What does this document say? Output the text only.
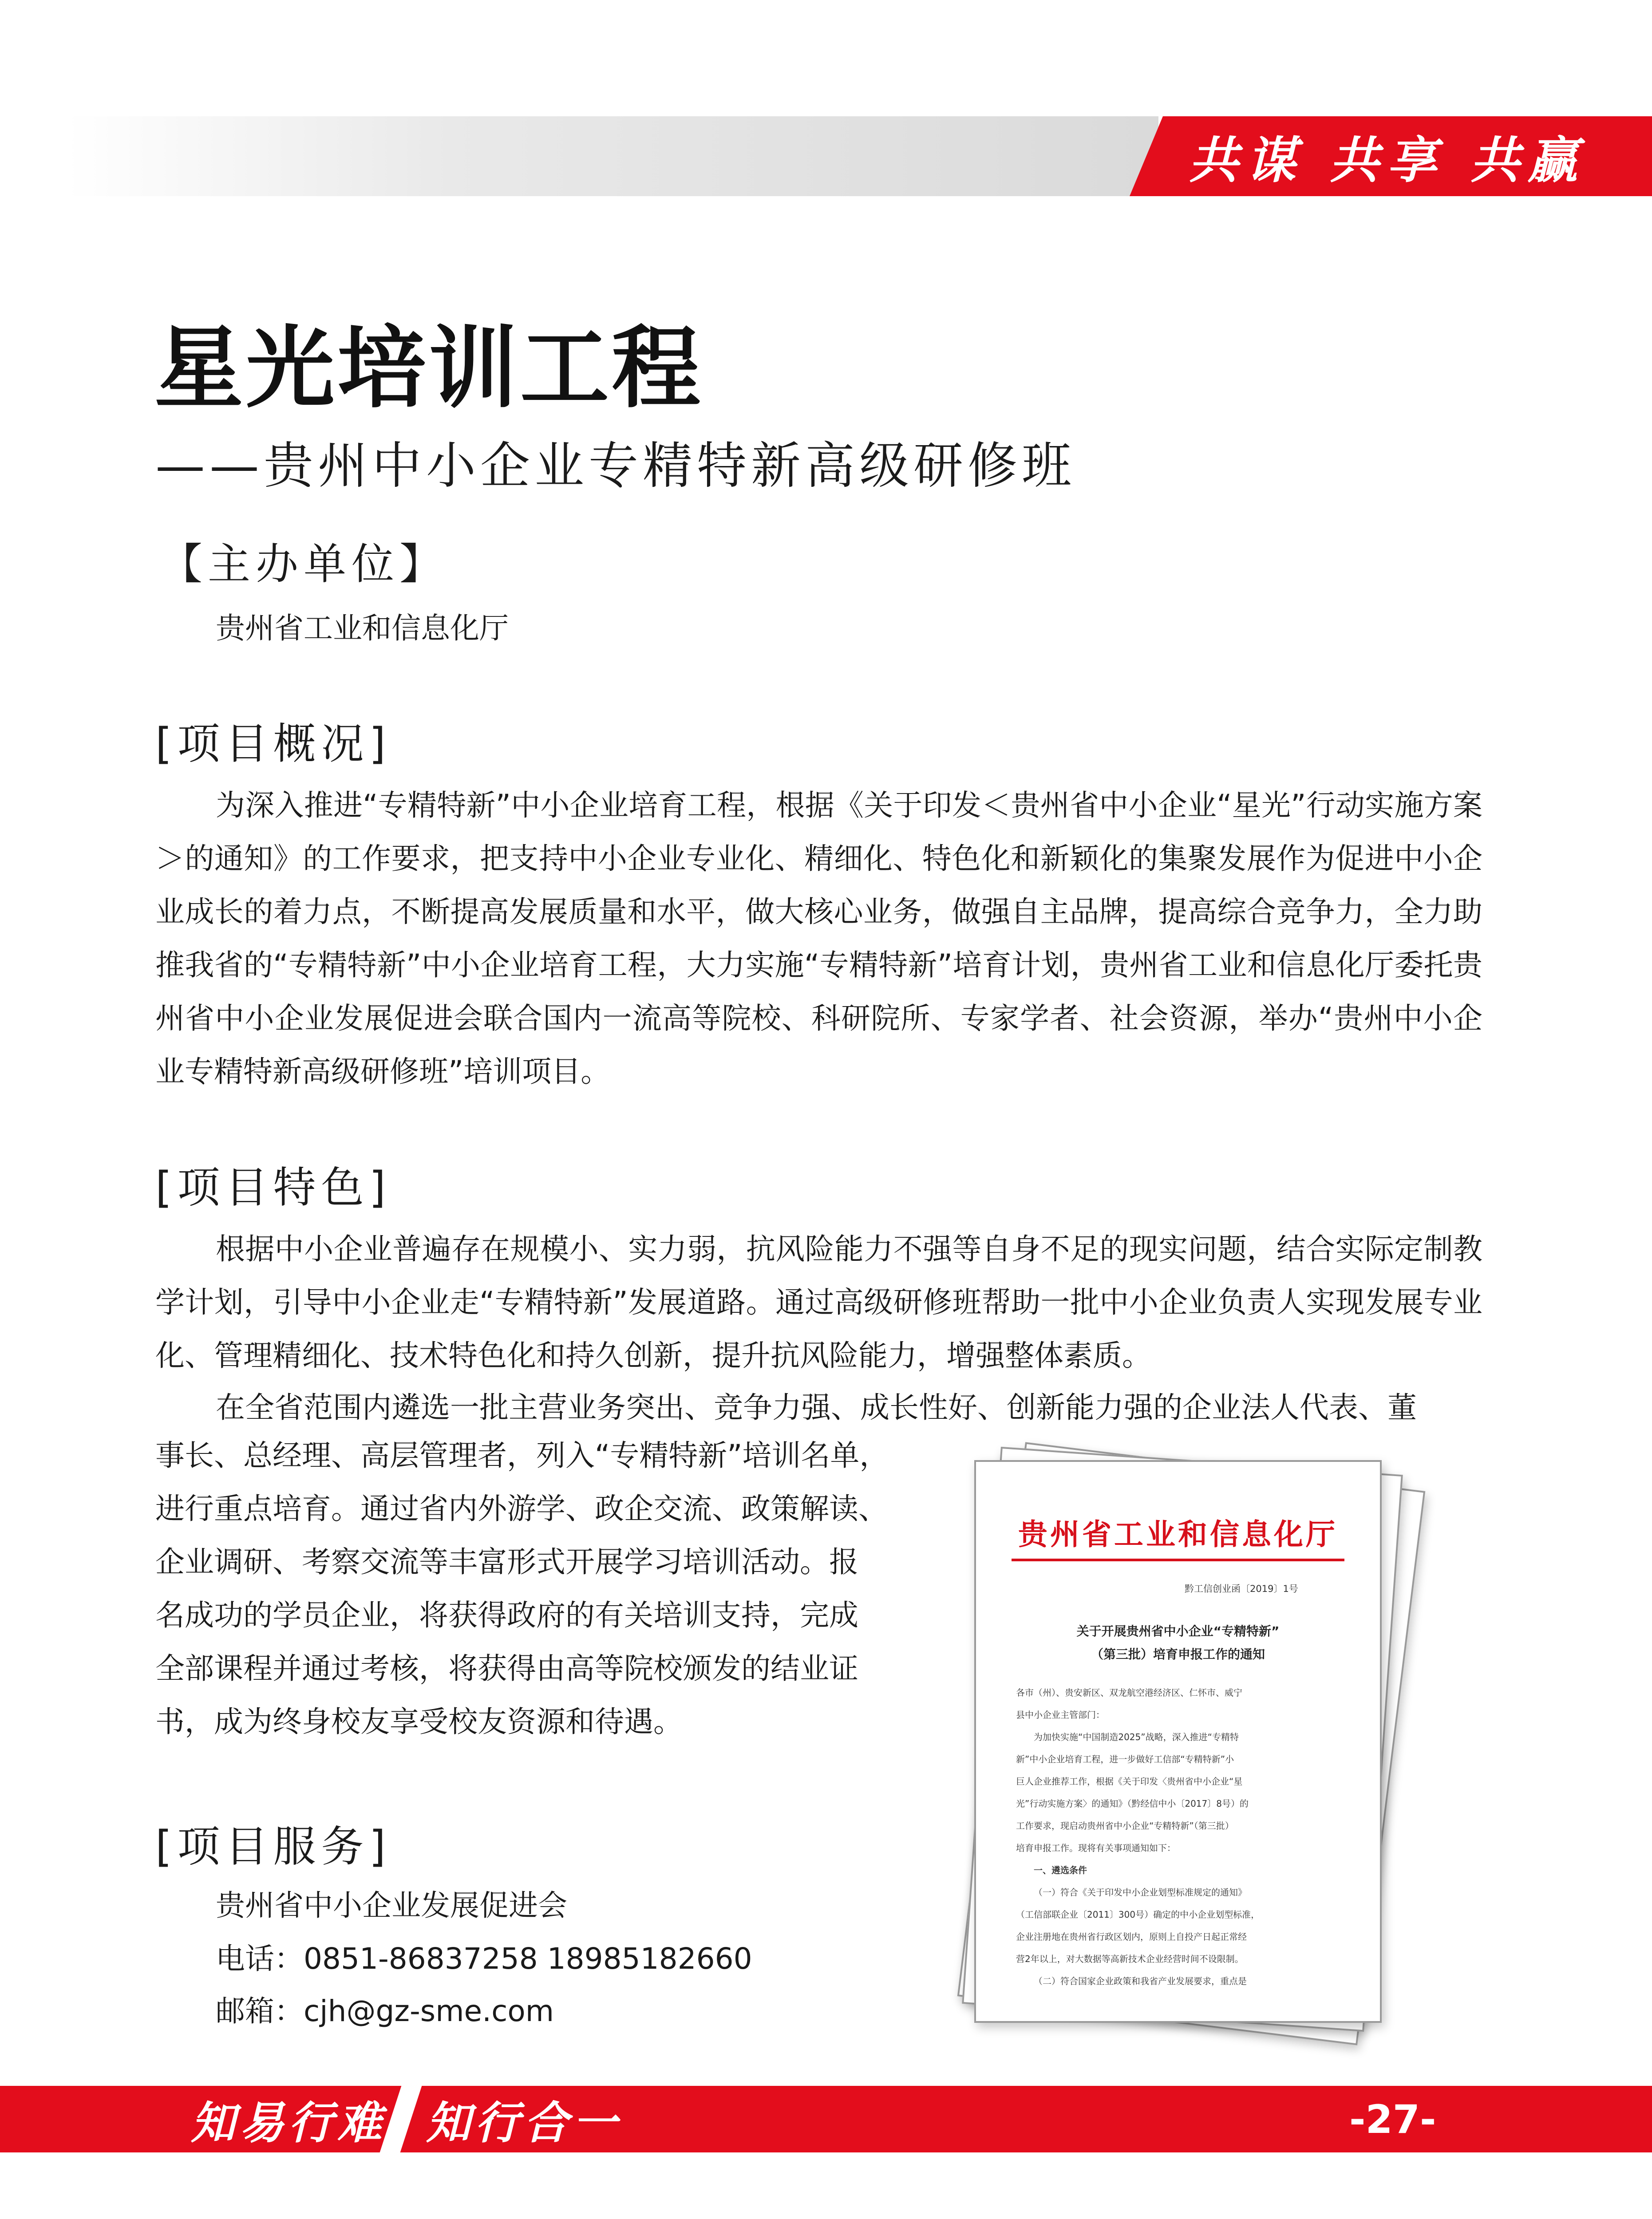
共谋 共享 共赢
星光培训工程
——贵州中小企业专精特新高级研修班
【主办单位】
贵州省工业和信息化厅
[项目概况]

为深入推进“专精特新”中小企业培育工程，根据《关于印发＜贵州省中小企业“星光”行动实施方案＞的通知》的工作要求，把支持中小企业专业化、精细化、特色化和新颖化的集聚发展作为促进中小企业成长的着力点，不断提高发展质量和水平，做大核心业务，做强自主品牌，提高综合竞争力，全力助推我省的“专精特新”中小企业培育工程，大力实施“专精特新”培育计划，贵州省工业和信息化厅委托贵州省中小企业发展促进会联合国内一流高等院校、科研院所、专家学者、社会资源，举办“贵州中小企业专精特新高级研修班”培训项目。

[项目特色]

根据中小企业普遍存在规模小、实力弱，抗风险能力不强等自身不足的现实问题，结合实际定制教学计划，引导中小企业走“专精特新”发展道路。通过高级研修班帮助一批中小企业负责人实现发展专业化、管理精细化、技术特色化和持久创新，提升抗风险能力，增强整体素质。

在全省范围内遴选一批主营业务突出、竞争力强、成长性好、创新能力强的企业法人代表、董
事长、总经理、高层管理者，列入“专精特新”培训名单，
进行重点培育。通过省内外游学、政企交流、政策解读、
企业调研、考察交流等丰富形式开展学习培训活动。报
名成功的学员企业，将获得政府的有关培训支持，完成
全部课程并通过考核，将获得由高等院校颁发的结业证
书，成为终身校友享受校友资源和待遇。
[项目服务]
贵州省中小企业发展促进会
电话：0851-86837258 18985182660
邮箱：cjh@gz-sme.com
贵州省工业和信息化厅
黔工信创业函〔2019〕1号
关于开展贵州省中小企业“专精特新”
（第三批）培育申报工作的通知
各市（州）、贵安新区、双龙航空港经济区、仁怀市、威宁
县中小企业主管部门：
为加快实施“中国制造2025”战略，深入推进“专精特
新”中小企业培育工程，进一步做好工信部“专精特新”小
巨人企业推荐工作，根据《关于印发〈贵州省中小企业“星
光”行动实施方案〉的通知》（黔经信中小〔2017〕8号）的
工作要求，现启动贵州省中小企业“专精特新”（第三批）
培育申报工作。现将有关事项通知如下：
一、遴选条件
（一）符合《关于印发中小企业划型标准规定的通知》
（工信部联企业〔2011〕300号）确定的中小企业划型标准，
企业注册地在贵州省行政区划内，原则上自投产日起正常经
营2年以上，对大数据等高新技术企业经营时间不设限制。
（二）符合国家企业政策和我省产业发展要求，重点是
知易行难 知行合一	-27-
